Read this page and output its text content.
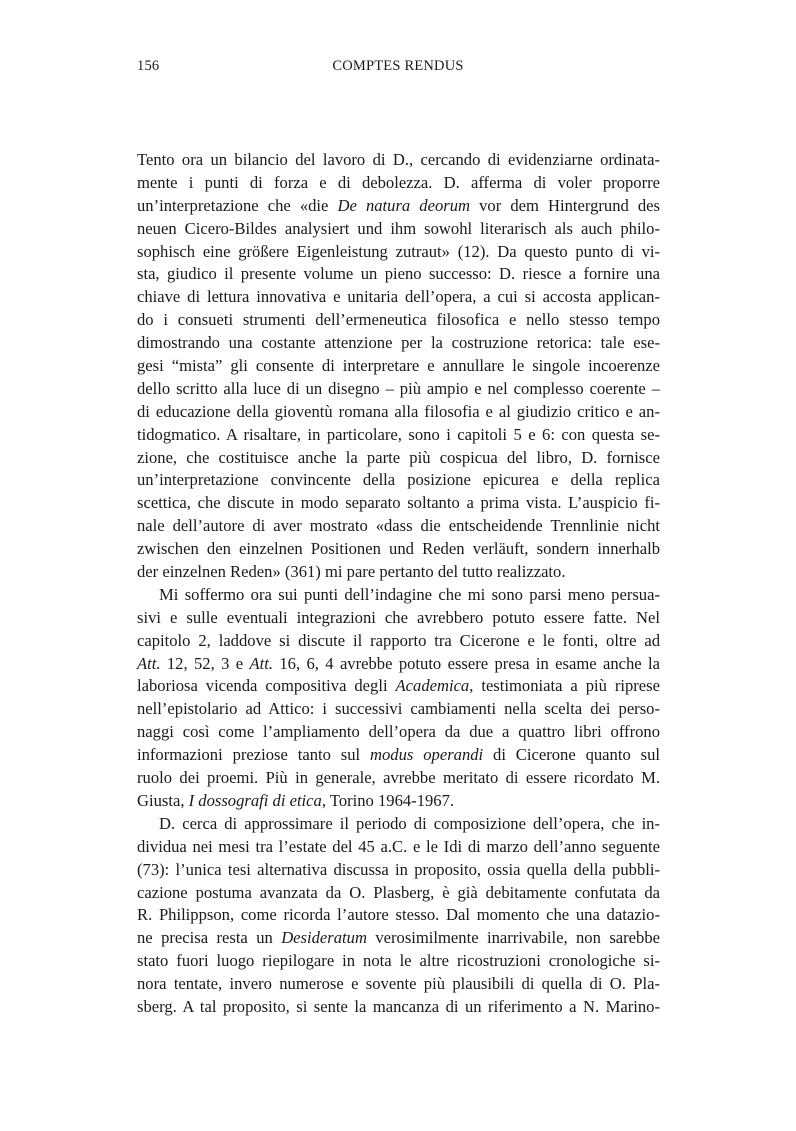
156	COMPTES RENDUS
Tento ora un bilancio del lavoro di D., cercando di evidenziarne ordinata-
mente i punti di forza e di debolezza. D. afferma di voler proporre
un’interpretazione che «die De natura deorum vor dem Hintergrund des
neuen Cicero-Bildes analysiert und ihm sowohl literarisch als auch philo-
sophisch eine größere Eigenleistung zutraut» (12). Da questo punto di vi-
sta, giudico il presente volume un pieno successo: D. riesce a fornire una
chiave di lettura innovativa e unitaria dell’opera, a cui si accosta applican-
do i consueti strumenti dell’ermeneutica filosofica e nello stesso tempo
dimostrando una costante attenzione per la costruzione retorica: tale ese-
gesi “mista” gli consente di interpretare e annullare le singole incoerenze
dello scritto alla luce di un disegno – più ampio e nel complesso coerente –
di educazione della gioventù romana alla filosofia e al giudizio critico e an-
tidogmatico. A risaltare, in particolare, sono i capitoli 5 e 6: con questa se-
zione, che costituisce anche la parte più cospicua del libro, D. fornisce
un’interpretazione convincente della posizione epicurea e della replica
scettica, che discute in modo separato soltanto a prima vista. L’auspicio fi-
nale dell’autore di aver mostrato «dass die entscheidende Trennlinie nicht
zwischen den einzelnen Positionen und Reden verläuft, sondern innerhalb
der einzelnen Reden» (361) mi pare pertanto del tutto realizzato.
Mi soffermo ora sui punti dell’indagine che mi sono parsi meno persua-
sivi e sulle eventuali integrazioni che avrebbero potuto essere fatte. Nel
capitolo 2, laddove si discute il rapporto tra Cicerone e le fonti, oltre ad
Att. 12, 52, 3 e Att. 16, 6, 4 avrebbe potuto essere presa in esame anche la
laboriosa vicenda compositiva degli Academica, testimoniata a più riprese
nell’epistolario ad Attico: i successivi cambiamenti nella scelta dei perso-
naggi così come l’ampliamento dell’opera da due a quattro libri offrono
informazioni preziose tanto sul modus operandi di Cicerone quanto sul
ruolo dei proemi. Più in generale, avrebbe meritato di essere ricordato M.
Giusta, I dossografi di etica, Torino 1964-1967.
D. cerca di approssimare il periodo di composizione dell’opera, che in-
dividua nei mesi tra l’estate del 45 a.C. e le Idi di marzo dell’anno seguente
(73): l’unica tesi alternativa discussa in proposito, ossia quella della pubbli-
cazione postuma avanzata da O. Plasberg, è già debitamente confutata da
R. Philippson, come ricorda l’autore stesso. Dal momento che una datazio-
ne precisa resta un Desideratum verosimilmente inarrivabile, non sarebbe
stato fuori luogo riepilogare in nota le altre ricostruzioni cronologiche si-
nora tentate, invero numerose e sovente più plausibili di quella di O. Pla-
sberg. A tal proposito, si sente la mancanza di un riferimento a N. Marino-
